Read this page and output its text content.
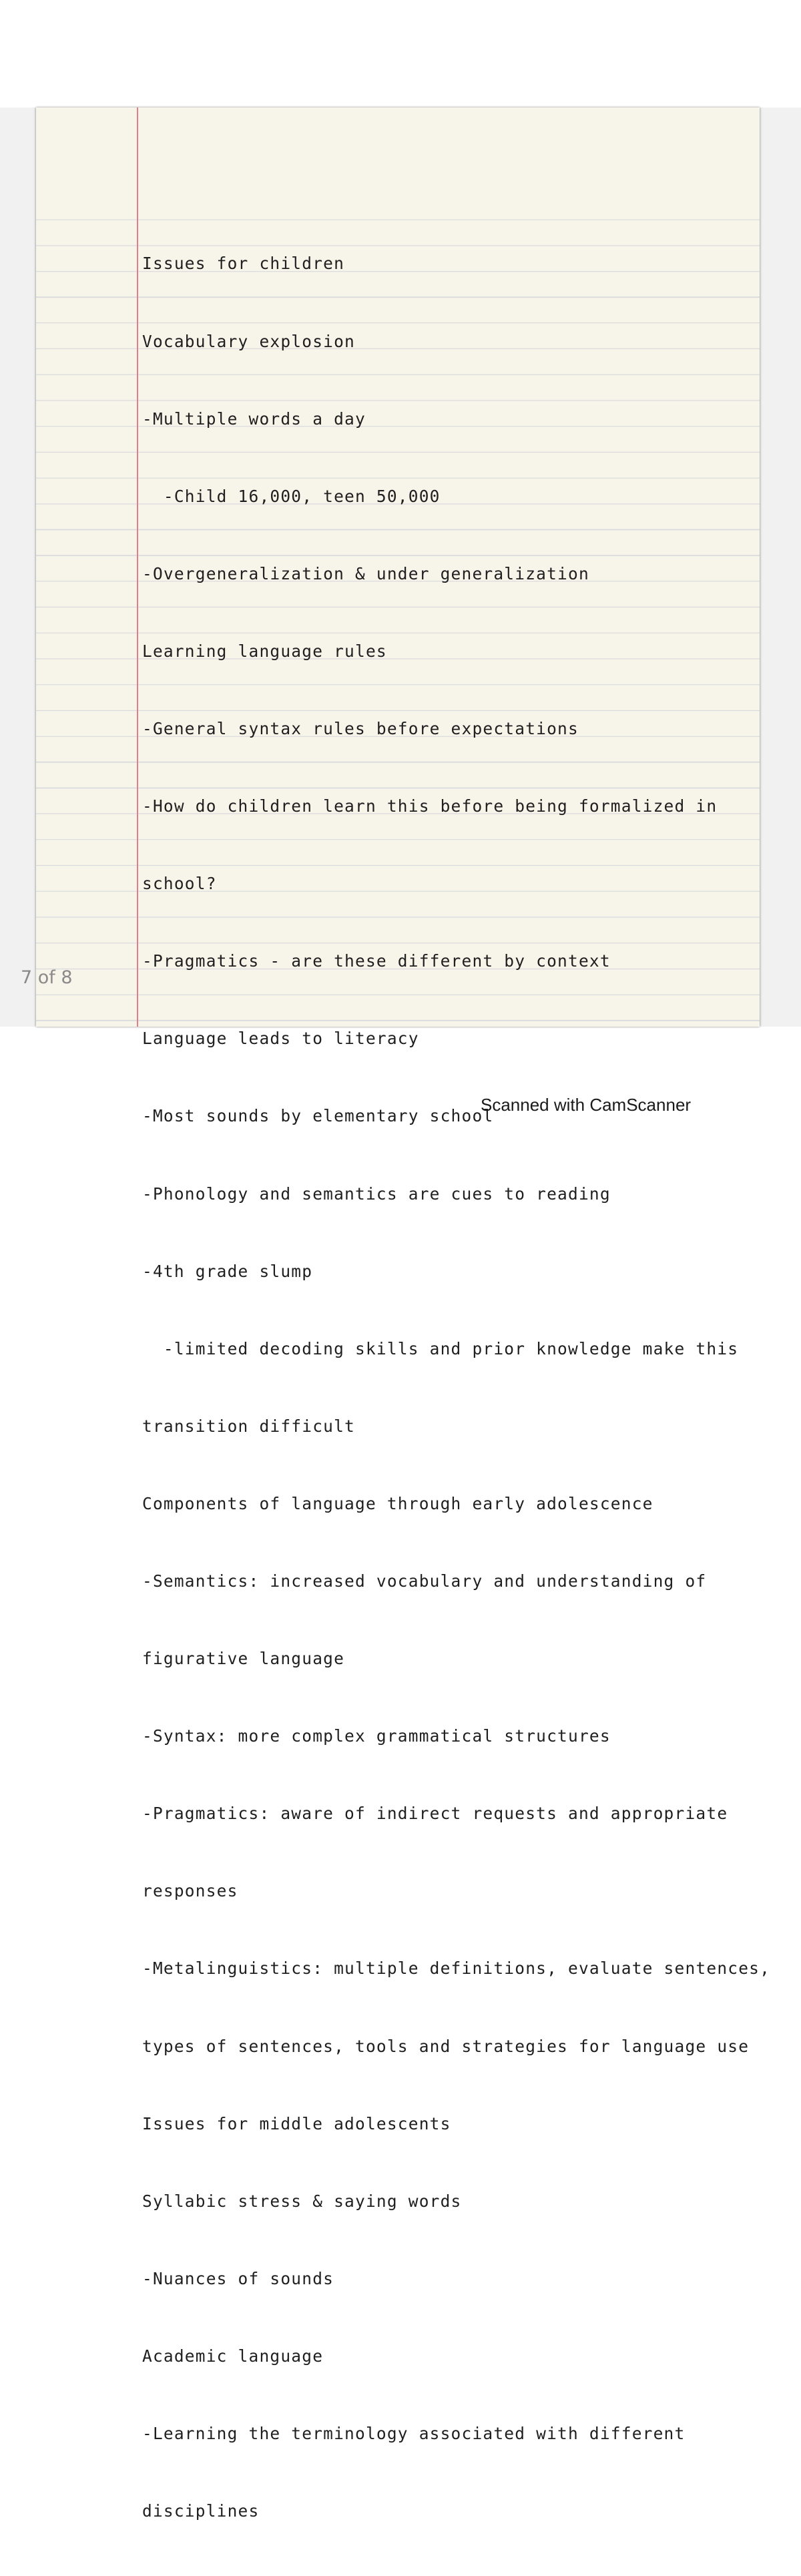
Issues for children

Vocabulary explosion

-Multiple words a day

-Child 16,000, teen 50,000

-Overgeneralization & under generalization

Learning language rules

-General syntax rules before expectations

-How do children learn this before being formalized in

school?

-Pragmatics - are these different by context

Language leads to literacy

-Most sounds by elementary school

-Phonology and semantics are cues to reading

-4th grade slump

-limited decoding skills and prior knowledge make this

transition difficult

Components of language through early adolescence

-Semantics: increased vocabulary and understanding of

figurative language

-Syntax: more complex grammatical structures

-Pragmatics: aware of indirect requests and appropriate

responses

-Metalinguistics: multiple definitions, evaluate sentences,

types of sentences, tools and strategies for language use

Issues for middle adolescents

Syllabic stress & saying words

-Nuances of sounds

Academic language

-Learning the terminology associated with different

disciplines

7 of 8
Scanned with CamScanner
